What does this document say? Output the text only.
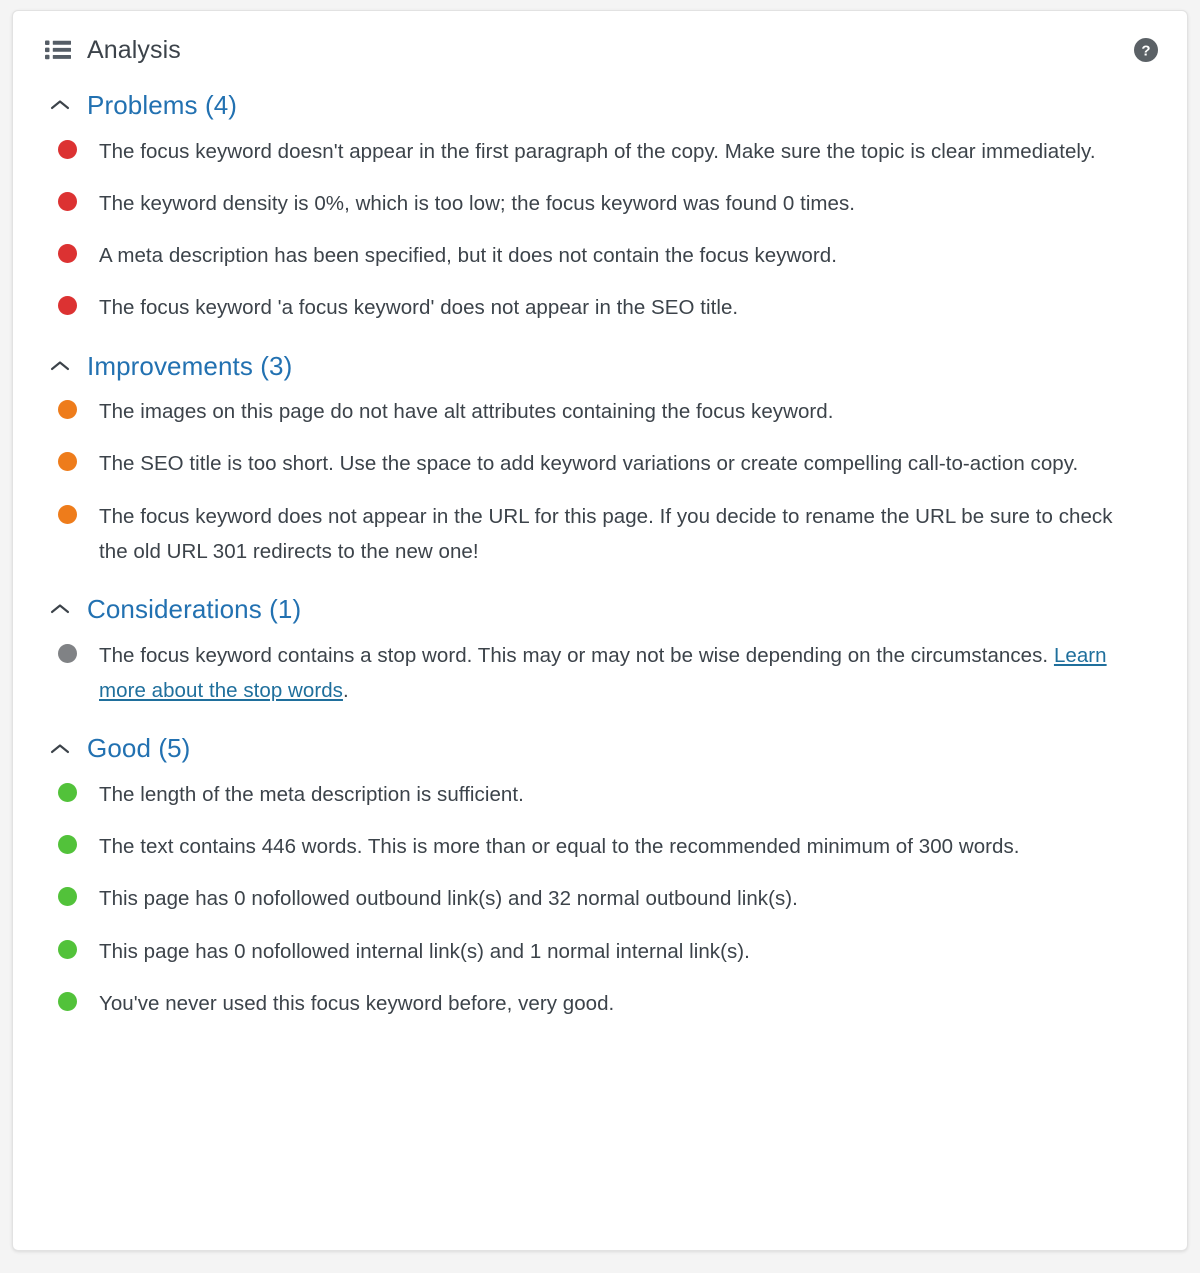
Analysis	?
Problems (4)
The focus keyword doesn't appear in the first paragraph of the copy. Make sure the topic is clear immediately.
The keyword density is 0%, which is too low; the focus keyword was found 0 times.
A meta description has been specified, but it does not contain the focus keyword.
The focus keyword 'a focus keyword' does not appear in the SEO title.
Improvements (3)
The images on this page do not have alt attributes containing the focus keyword.
The SEO title is too short. Use the space to add keyword variations or create compelling call-to-action copy.
The focus keyword does not appear in the URL for this page. If you decide to rename the URL be sure to check the old URL 301 redirects to the new one!
Considerations (1)
The focus keyword contains a stop word. This may or may not be wise depending on the circumstances. Learn more about the stop words.
Good (5)
The length of the meta description is sufficient.
The text contains 446 words. This is more than or equal to the recommended minimum of 300 words.
This page has 0 nofollowed outbound link(s) and 32 normal outbound link(s).
This page has 0 nofollowed internal link(s) and 1 normal internal link(s).
You've never used this focus keyword before, very good.
